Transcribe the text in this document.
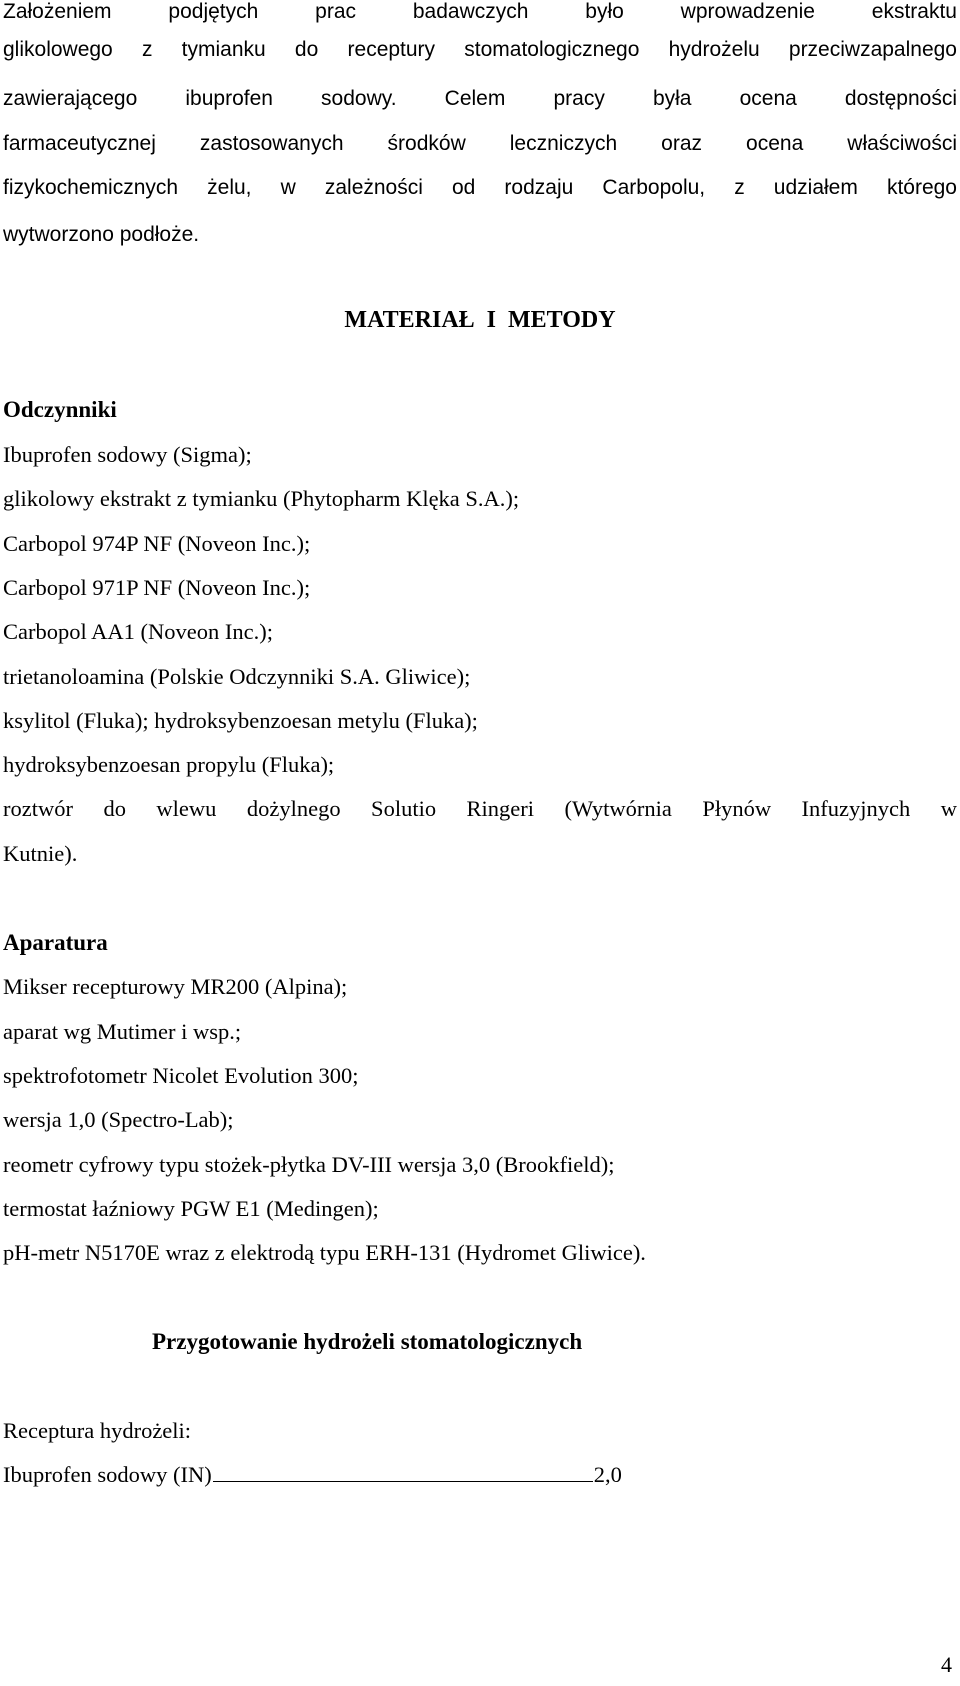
Założeniem podjętych prac badawczych było wprowadzenie ekstraktu
glikolowego z tymianku do receptury stomatologicznego hydrożelu przeciwzapalnego
zawierającego ibuprofen sodowy. Celem pracy była ocena dostępności
farmaceutycznej zastosowanych środków leczniczych oraz ocena właściwości
fizykochemicznych żelu, w zależności od rodzaju Carbopolu, z udziałem którego
wytworzono podłoże.
MATERIAŁ I METODY
Odczynniki
Ibuprofen sodowy (Sigma);
glikolowy ekstrakt z tymianku (Phytopharm Klęka S.A.);
Carbopol 974P NF (Noveon Inc.);
Carbopol 971P NF (Noveon Inc.);
Carbopol AA1 (Noveon Inc.);
trietanoloamina (Polskie Odczynniki S.A. Gliwice);
ksylitol (Fluka); hydroksybenzoesan metylu (Fluka);
hydroksybenzoesan propylu (Fluka);
roztwór do wlewu dożylnego Solutio Ringeri (Wytwórnia Płynów Infuzyjnych w
Kutnie).
Aparatura
Mikser recepturowy MR200 (Alpina);
aparat wg Mutimer i wsp.;
spektrofotometr Nicolet Evolution 300;
wersja 1,0 (Spectro-Lab);
reometr cyfrowy typu stożek-płytka DV-III wersja 3,0 (Brookfield);
termostat łaźniowy PGW E1 (Medingen);
pH-metr N5170E wraz z elektrodą typu ERH-131 (Hydromet Gliwice).
Przygotowanie hydrożeli stomatologicznych
Receptura hydrożeli:
Ibuprofen sodowy (IN)	2,0
4
